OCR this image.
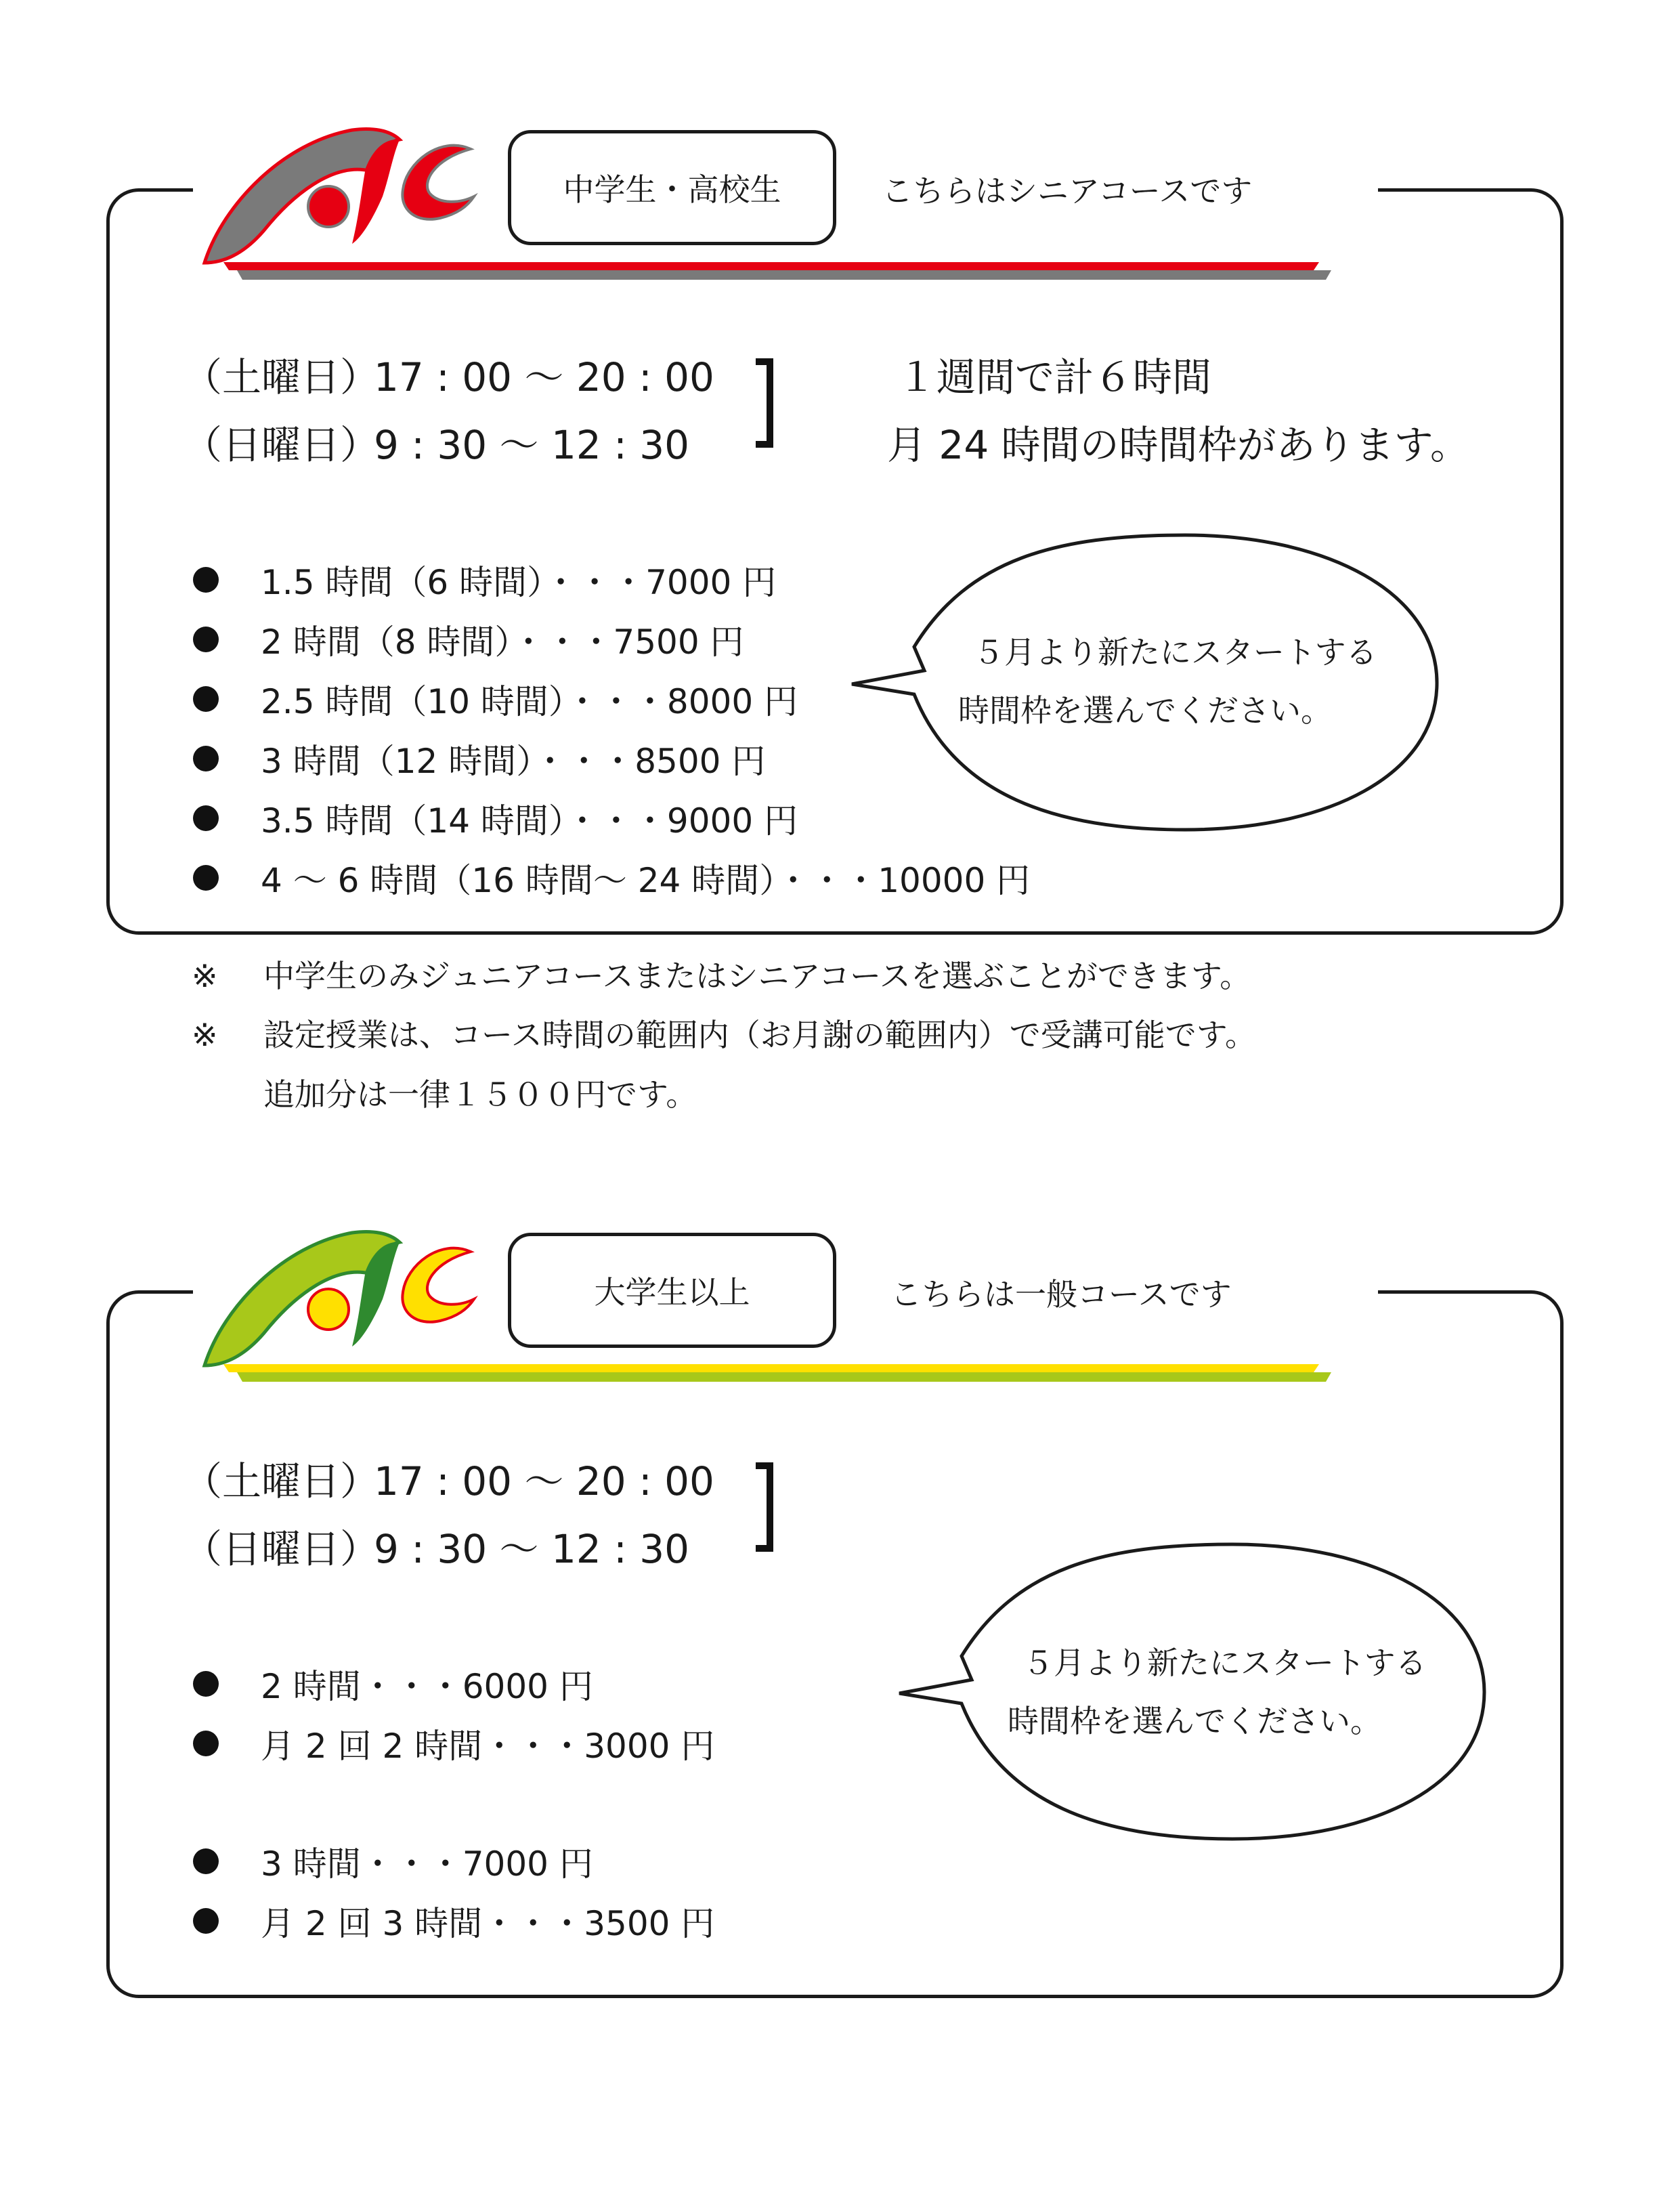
中学生・高校生	こちらはシニアコースです
（土曜日）17 : 00 〜 20 : 00
（日曜日）9 : 30 〜 12 : 30
１週間で計６時間
月 24 時間の時間枠があります。
1.5 時間（6 時間）・・・7000 円
2 時間（8 時間）・・・7500 円
2.5 時間（10 時間）・・・8000 円
3 時間（12 時間）・・・8500 円
3.5 時間（14 時間）・・・9000 円
4 〜 6 時間（16 時間〜 24 時間）・・・10000 円
５月より新たにスタートする
時間枠を選んでください。
※ 中学生のみジュニアコースまたはシニアコースを選ぶことができます。
※ 設定授業は、コース時間の範囲内（お月謝の範囲内）で受講可能です。
追加分は一律１５００円です。
大学生以上	こちらは一般コースです
（土曜日）17 : 00 〜 20 : 00
（日曜日）9 : 30 〜 12 : 30
2 時間・・・6000 円
月 2 回 2 時間・・・3000 円
3 時間・・・7000 円
月 2 回 3 時間・・・3500 円
５月より新たにスタートする
時間枠を選んでください。
